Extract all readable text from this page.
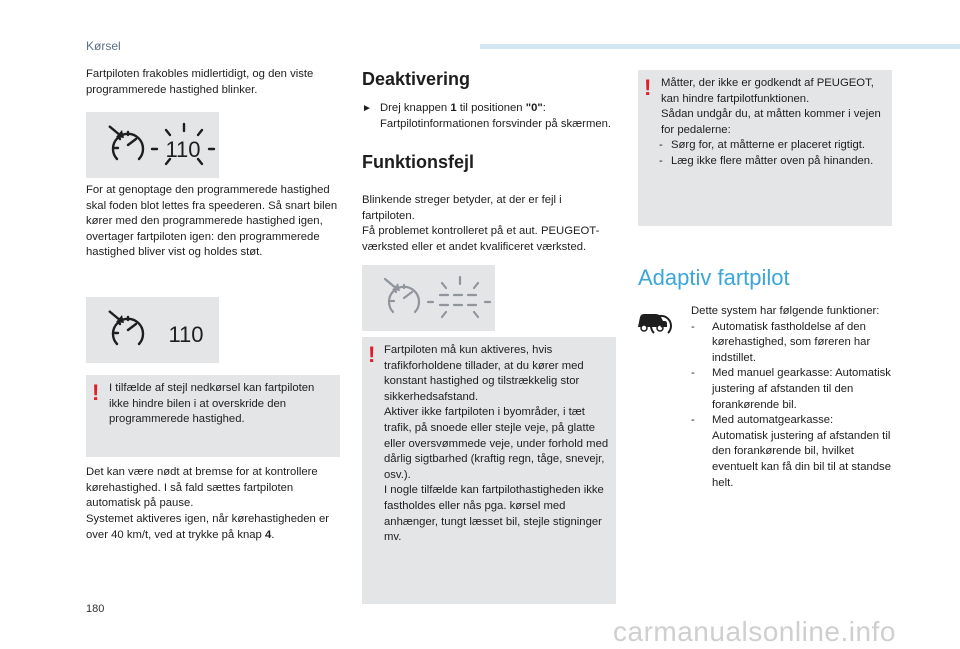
Kørsel

Fartpiloten frakobles midlertidigt, og den viste programmerede hastighed blinker.

110

For at genoptage den programmerede hastighed skal foden blot lettes fra speederen. Så snart bilen kører med den programmerede hastighed igen, overtager fartpiloten igen: den programmerede hastighed bliver vist og holdes støt.

110
! I tilfælde af stejl nedkørsel kan fartpiloten ikke hindre bilen i at overskride den programmerede hastighed.

Det kan være nødt at bremse for at kontrollere kørehastighed. I så fald sættes fartpiloten automatisk på pause.

Systemet aktiveres igen, når kørehastigheden er over 40 km/t, ved at trykke på knap 4.

Deaktivering
► Drej knappen 1 til positionen "0": Fartpilotinformationen forsvinder på skærmen.
Funktionsfejl
Blinkende streger betyder, at der er fejl i fartpiloten.
Få problemet kontrolleret på et aut. PEUGEOT-værksted eller et andet kvalificeret værksted.
! Fartpiloten må kun aktiveres, hvis trafikforholdene tillader, at du kører med konstant hastighed og tilstrækkelig stor sikkerhedsafstand.
Aktiver ikke fartpiloten i byområder, i tæt trafik, på snoede eller stejle veje, på glatte eller oversvømmede veje, under forhold med dårlig sigtbarhed (kraftig regn, tåge, snevejr, osv.).
I nogle tilfælde kan fartpilothastigheden ikke fastholdes eller nås pga. kørsel med anhænger, tungt læsset bil, stejle stigninger mv.
! Måtter, der ikke er godkendt af PEUGEOT, kan hindre fartpilotfunktionen.
Sådan undgår du, at måtten kommer i vejen for pedalerne:
- Sørg for, at måtterne er placeret rigtigt.
- Læg ikke flere måtter oven på hinanden.
Adaptiv fartpilot
Dette system har følgende funktioner:
- Automatisk fastholdelse af den kørehastighed, som føreren har indstillet.
- Med manuel gearkasse: Automatisk justering af afstanden til den forankørende bil.
- Med automatgearkasse: Automatisk justering af afstanden til den forankørende bil, hvilket eventuelt kan få din bil til at standse helt.
180
carmanualsonline.info
